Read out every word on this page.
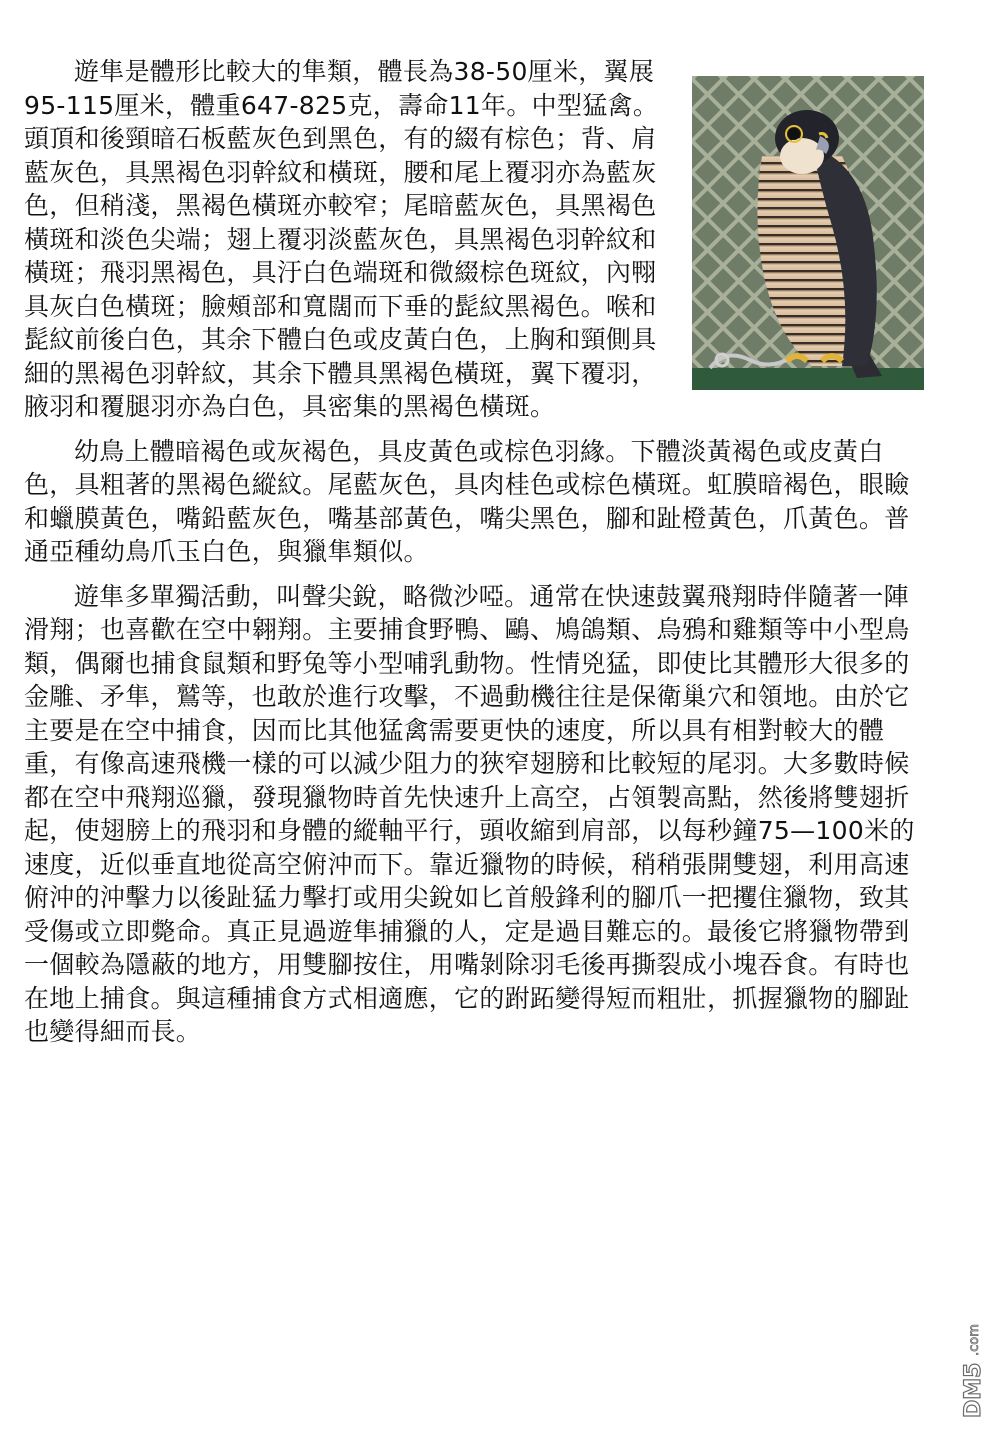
遊隼是體形比較大的隼類，體長為38-50厘米，翼展95-115厘米，體重647-825克，壽命11年。中型猛禽。頭頂和後頸暗石板藍灰色到黑色，有的綴有棕色；背、肩藍灰色，具黑褐色羽幹紋和橫斑，腰和尾上覆羽亦為藍灰色，但稍淺，黑褐色橫斑亦較窄；尾暗藍灰色，具黑褐色橫斑和淡色尖端；翅上覆羽淡藍灰色，具黑褐色羽幹紋和橫斑；飛羽黑褐色，具汙白色端斑和微綴棕色斑紋，內翈具灰白色橫斑；臉頰部和寬闊而下垂的髭紋黑褐色。喉和髭紋前後白色，其余下體白色或皮黃白色，上胸和頸側具細的黑褐色羽幹紋，其余下體具黑褐色橫斑，翼下覆羽，腋羽和覆腿羽亦為白色，具密集的黑褐色橫斑。

幼鳥上體暗褐色或灰褐色，具皮黃色或棕色羽緣。下體淡黃褐色或皮黃白色，具粗著的黑褐色縱紋。尾藍灰色，具肉桂色或棕色橫斑。虹膜暗褐色，眼瞼和蠟膜黃色，嘴鉛藍灰色，嘴基部黃色，嘴尖黑色，腳和趾橙黃色，爪黃色。普通亞種幼鳥爪玉白色，與獵隼類似。

遊隼多單獨活動，叫聲尖銳，略微沙啞。通常在快速鼓翼飛翔時伴隨著一陣滑翔；也喜歡在空中翱翔。主要捕食野鴨、鷗、鳩鴿類、烏鴉和雞類等中小型鳥類，偶爾也捕食鼠類和野兔等小型哺乳動物。性情兇猛，即使比其體形大很多的金雕、矛隼，鷲等，也敢於進行攻擊，不過動機往往是保衛巢穴和領地。由於它主要是在空中捕食，因而比其他猛禽需要更快的速度，所以具有相對較大的體重，有像高速飛機一樣的可以減少阻力的狹窄翅膀和比較短的尾羽。大多數時候都在空中飛翔巡獵，發現獵物時首先快速升上高空，占領製高點，然後將雙翅折起，使翅膀上的飛羽和身體的縱軸平行，頭收縮到肩部，以每秒鐘75—100米的速度，近似垂直地從高空俯沖而下。靠近獵物的時候，稍稍張開雙翅，利用高速俯沖的沖擊力以後趾猛力擊打或用尖銳如匕首般鋒利的腳爪一把攫住獵物，致其受傷或立即斃命。真正見過遊隼捕獵的人，定是過目難忘的。最後它將獵物帶到一個較為隱蔽的地方，用雙腳按住，用嘴剝除羽毛後再撕裂成小塊吞食。有時也在地上捕食。與這種捕食方式相適應，它的跗跖變得短而粗壯，抓握獵物的腳趾也變得細而長。

DM5
.com
